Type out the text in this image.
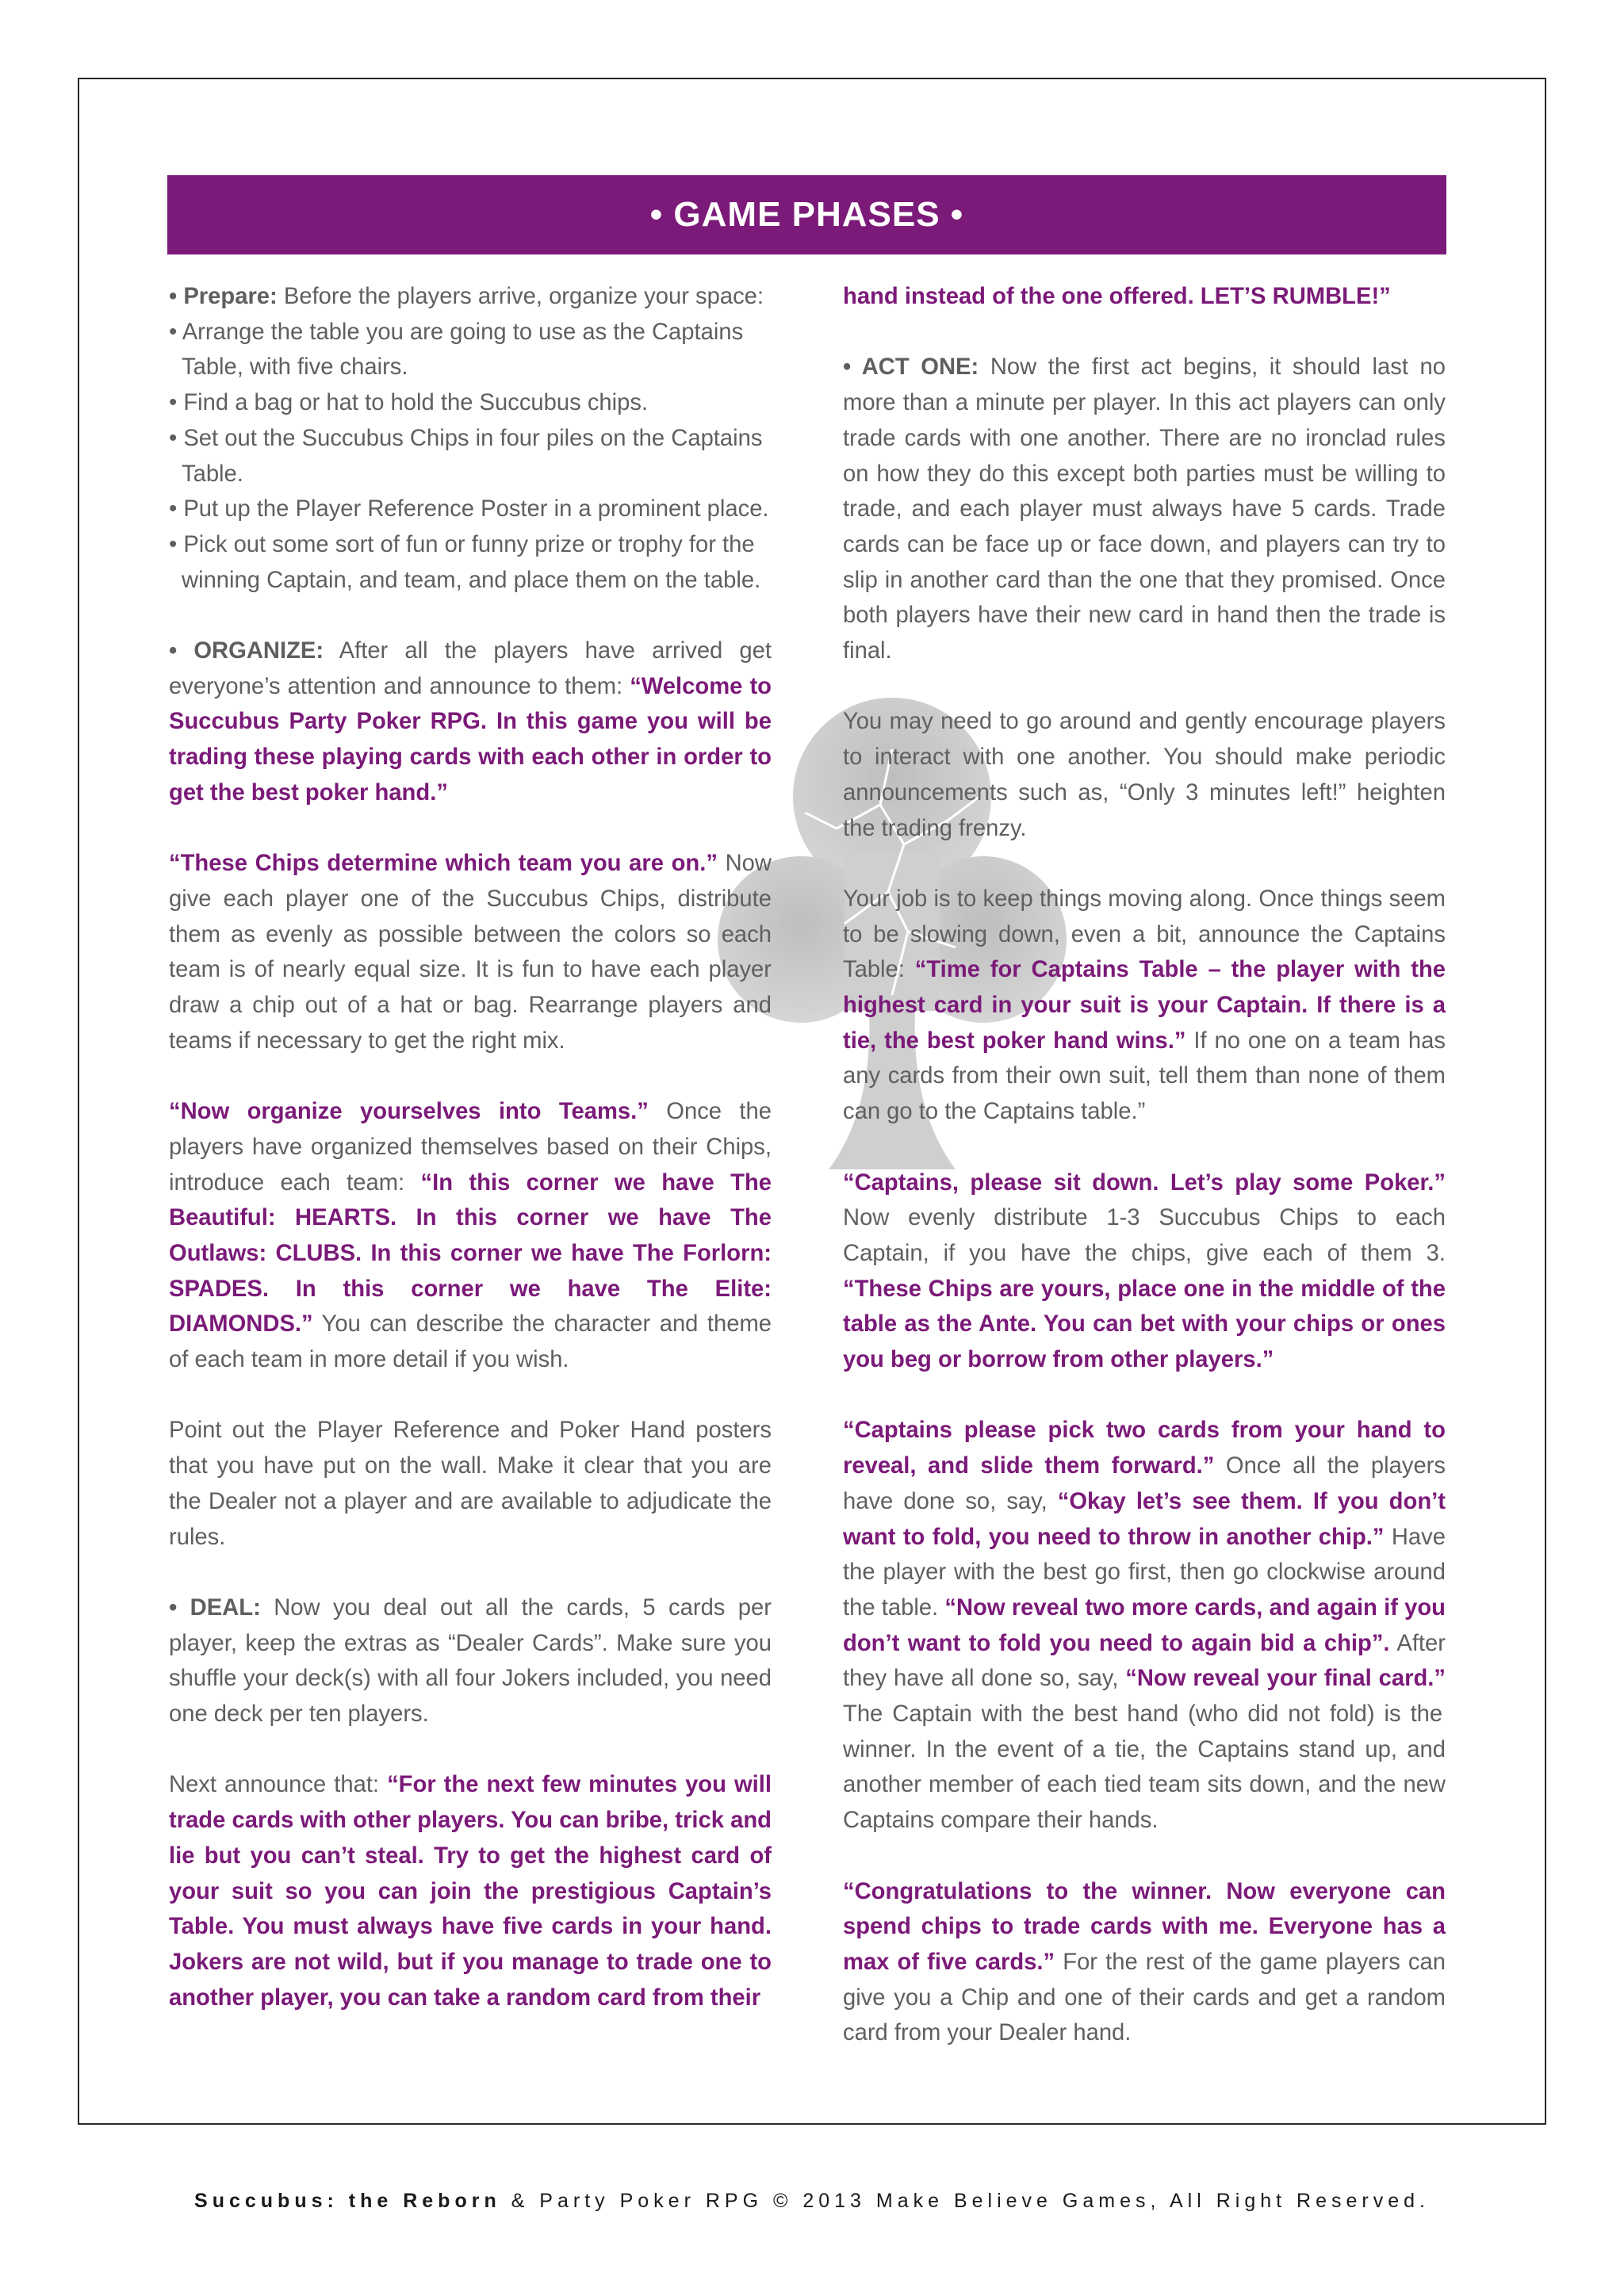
• GAME PHASES •

• Prepare: Before the players arrive, organize your space:

• Arrange the table you are going to use as the Captains Table, with five chairs.
• Find a bag or hat to hold the Succubus chips.
• Set out the Succubus Chips in four piles on the Captains Table.
• Put up the Player Reference Poster in a prominent place.
• Pick out some sort of fun or funny prize or trophy for the winning Captain, and team, and place them on the table.

• ORGANIZE: After all the players have arrived get everyone’s attention and announce to them: “Welcome to Succubus Party Poker RPG. In this game you will be trading these playing cards with each other in order to get the best poker hand.”

“These Chips determine which team you are on.” Now give each player one of the Succubus Chips, distribute them as evenly as possible between the colors so each team is of nearly equal size. It is fun to have each player draw a chip out of a hat or bag. Rearrange players and teams if necessary to get the right mix.

“Now organize yourselves into Teams.” Once the players have organized themselves based on their Chips, introduce each team: “In this corner we have The Beautiful: HEARTS. In this corner we have The Outlaws: CLUBS. In this corner we have The Forlorn: SPADES. In this corner we have The Elite: DIAMONDS.” You can describe the character and theme of each team in more detail if you wish.

Point out the Player Reference and Poker Hand posters that you have put on the wall. Make it clear that you are the Dealer not a player and are available to adjudicate the rules.

• DEAL: Now you deal out all the cards, 5 cards per player, keep the extras as “Dealer Cards”. Make sure you shuffle your deck(s) with all four Jokers included, you need one deck per ten players.

Next announce that: “For the next few minutes you will trade cards with other players. You can bribe, trick and lie but you can’t steal. Try to get the highest card of your suit so you can join the prestigious Captain’s Table. You must always have five cards in your hand. Jokers are not wild, but if you manage to trade one to another player, you can take a random card from their

hand instead of the one offered. LET’S RUMBLE!”

• ACT ONE: Now the first act begins, it should last no more than a minute per player. In this act players can only trade cards with one another. There are no ironclad rules on how they do this except both parties must be willing to trade, and each player must always have 5 cards. Trade cards can be face up or face down, and players can try to slip in another card than the one that they promised. Once both players have their new card in hand then the trade is final.

You may need to go around and gently encourage players to interact with one another. You should make periodic announcements such as, “Only 3 minutes left!” heighten the trading frenzy.

Your job is to keep things moving along. Once things seem to be slowing down, even a bit, announce the Captains Table: “Time for Captains Table – the player with the highest card in your suit is your Captain. If there is a tie, the best poker hand wins.” If no one on a team has any cards from their own suit, tell them than none of them can go to the Captains table.”

“Captains, please sit down. Let’s play some Poker.” Now evenly distribute 1-3 Succubus Chips to each Captain, if you have the chips, give each of them 3. “These Chips are yours, place one in the middle of the table as the Ante. You can bet with your chips or ones you beg or borrow from other players.”

“Captains please pick two cards from your hand to reveal, and slide them forward.” Once all the players have done so, say, “Okay let’s see them. If you don’t want to fold, you need to throw in another chip.” Have the player with the best go first, then go clockwise around the table. “Now reveal two more cards, and again if you don’t want to fold you need to again bid a chip”. After they have all done so, say, “Now reveal your final card.” The Captain with the best hand (who did not fold) is the winner. In the event of a tie, the Captains stand up, and another member of each tied team sits down, and the new Captains compare their hands.

“Congratulations to the winner. Now everyone can spend chips to trade cards with me. Everyone has a max of five cards.” For the rest of the game players can give you a Chip and one of their cards and get a random card from your Dealer hand.

Succubus: the Reborn & Party Poker RPG © 2013 Make Believe Games, All Right Reserved.
